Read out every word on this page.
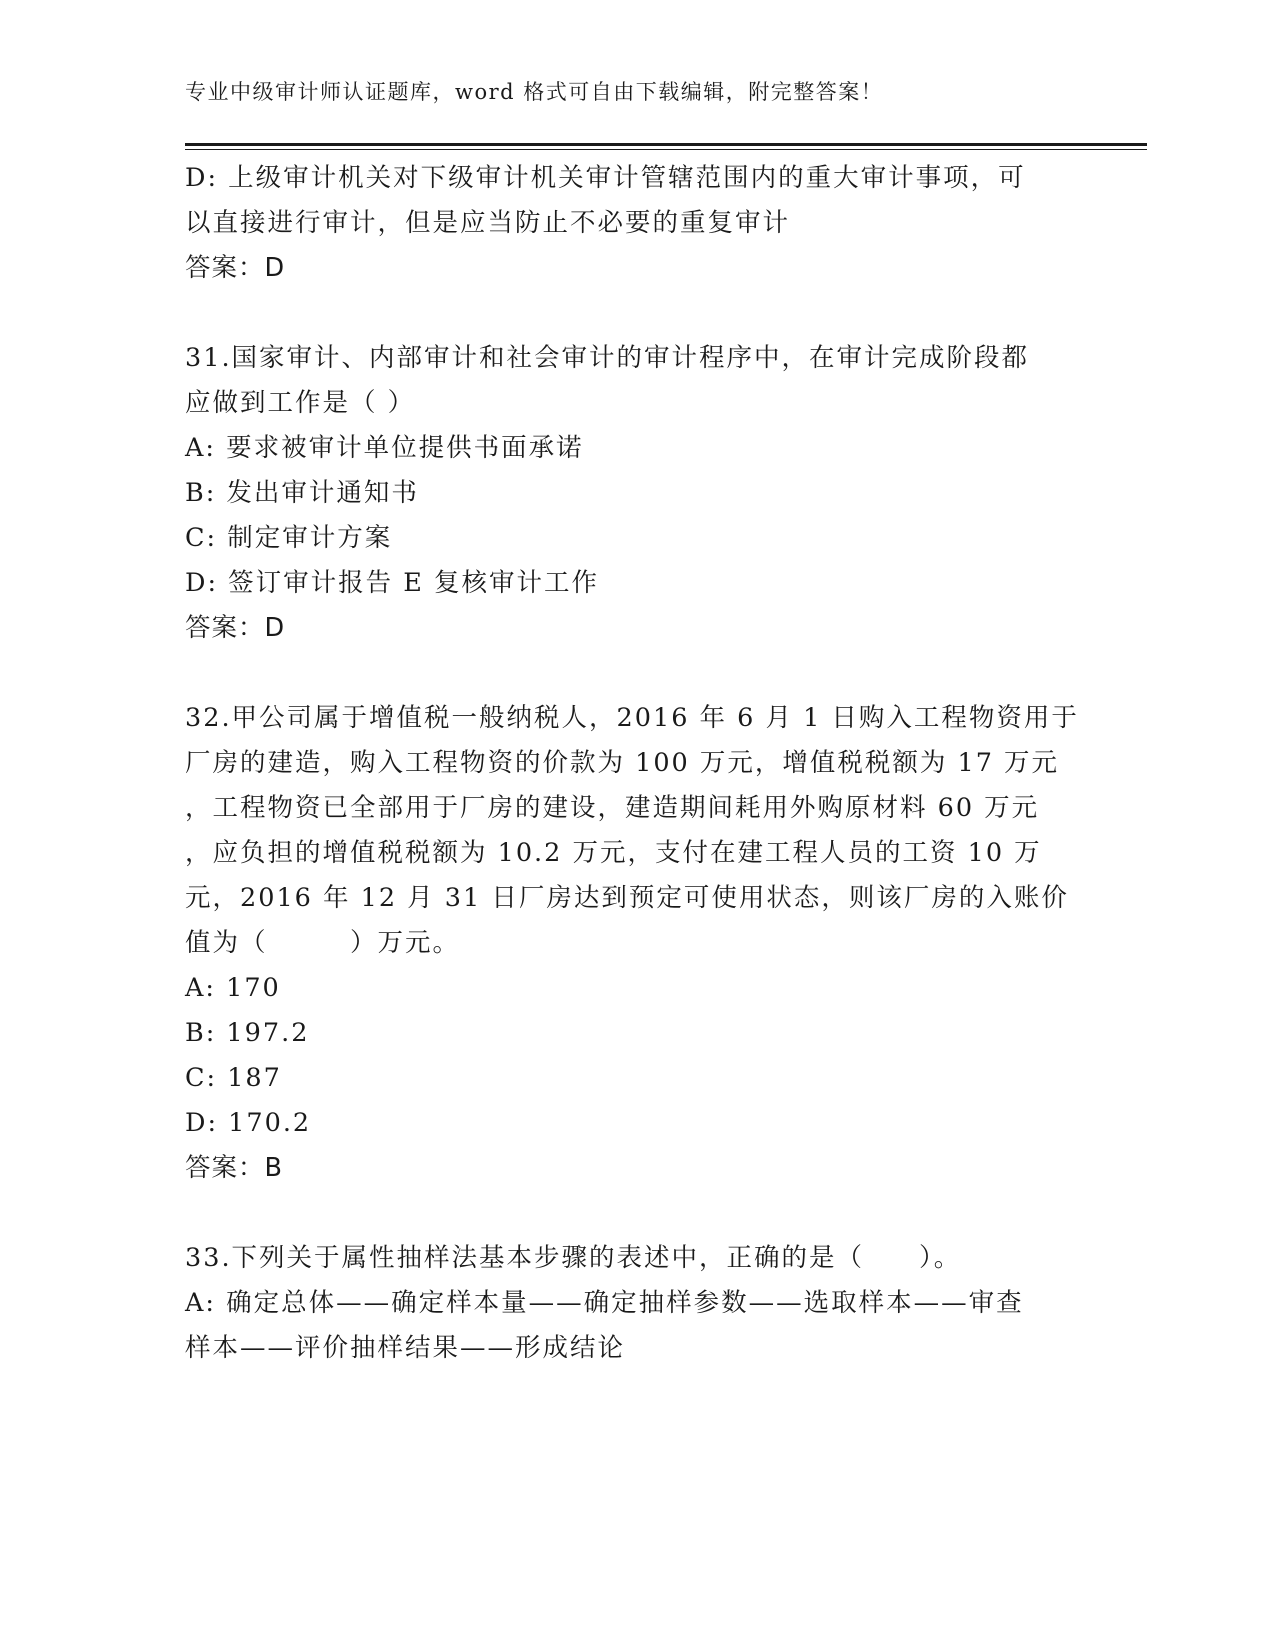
专业中级审计师认证题库，word 格式可自由下载编辑，附完整答案！
D: 上级审计机关对下级审计机关审计管辖范围内的重大审计事项，可
以直接进行审计，但是应当防止不必要的重复审计
答案：D
31.国家审计、内部审计和社会审计的审计程序中，在审计完成阶段都
应做到工作是（ ）
A: 要求被审计单位提供书面承诺
B: 发出审计通知书
C: 制定审计方案
D: 签订审计报告 E 复核审计工作
答案：D
32.甲公司属于增值税一般纳税人，2016 年 6 月 1 日购入工程物资用于
厂房的建造，购入工程物资的价款为 100 万元，增值税税额为 17 万元
，工程物资已全部用于厂房的建设，建造期间耗用外购原材料 60 万元
，应负担的增值税税额为 10.2 万元，支付在建工程人员的工资 10 万
元，2016 年 12 月 31 日厂房达到预定可使用状态，则该厂房的入账价
值为（　　　）万元。
A: 170
B: 197.2
C: 187
D: 170.2
答案：B
33.下列关于属性抽样法基本步骤的表述中，正确的是（　　）。
A: 确定总体——确定样本量——确定抽样参数——选取样本——审查
样本——评价抽样结果——形成结论
